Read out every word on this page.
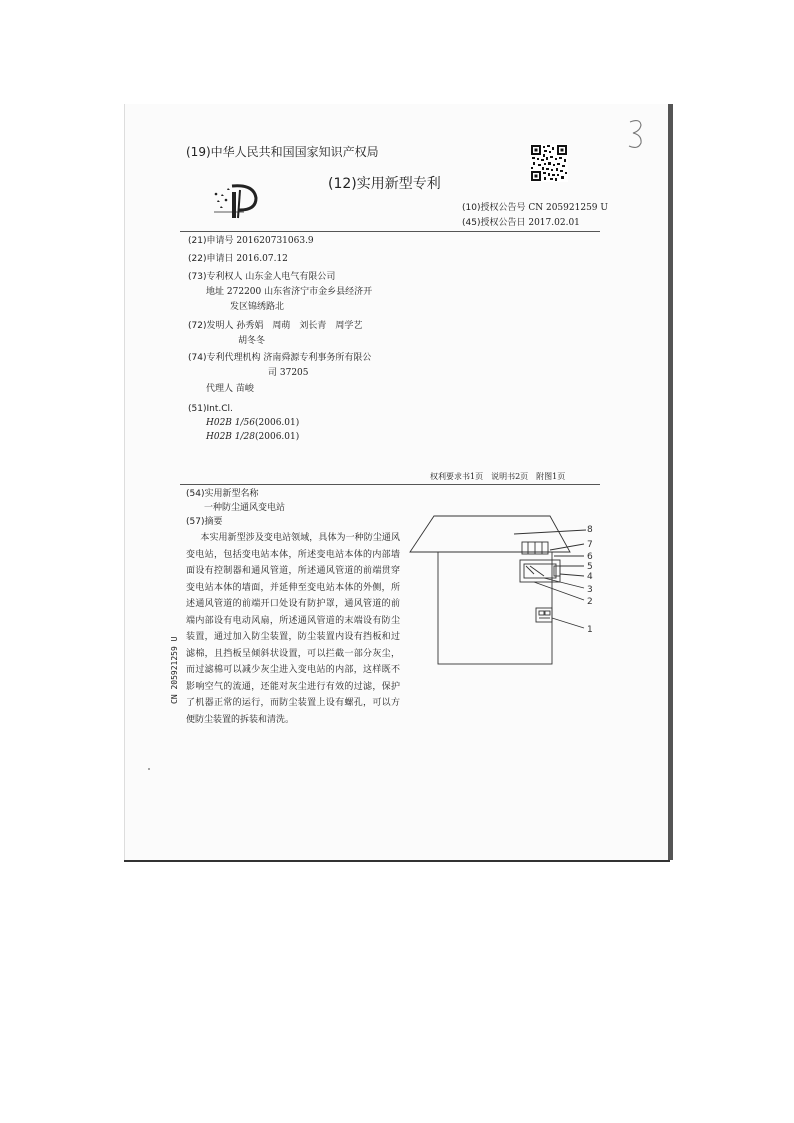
(19)中华人民共和国国家知识产权局
(12)实用新型专利
(10)授权公告号 CN 205921259 U
(45)授权公告日 2017.02.01
(21)申请号 201620731063.9
(22)申请日 2016.07.12
(73)专利权人 山东金人电气有限公司
地址 272200 山东省济宁市金乡县经济开
发区锦绣路北
(72)发明人 孙秀娟　周萌　刘长青　周学艺
胡冬冬
(74)专利代理机构 济南舜源专利事务所有限公
司 37205
代理人 苗峻
(51)Int.Cl.
H02B 1/56(2006.01)
H02B 1/28(2006.01)
权利要求书1页　说明书2页　附图1页
(54)实用新型名称
一种防尘通风变电站
(57)摘要
本实用新型涉及变电站领域，具体为一种防尘通风变电站，包括变电站本体，所述变电站本体的内部墙面设有控制器和通风管道，所述通风管道的前端贯穿变电站本体的墙面，并延伸至变电站本体的外侧，所述通风管道的前端开口处设有防护罩，通风管道的前端内部设有电动风扇，所述通风管道的末端设有防尘装置，通过加入防尘装置，防尘装置内设有挡板和过滤棉，且挡板呈倾斜状设置，可以拦截一部分灰尘，而过滤棉可以减少灰尘进入变电站的内部，这样既不影响空气的流通，还能对灰尘进行有效的过滤，保护了机器正常的运行，而防尘装置上设有螺孔，可以方便防尘装置的拆装和清洗。
CN 205921259 U
8
7
6
5
4
3
2
1
